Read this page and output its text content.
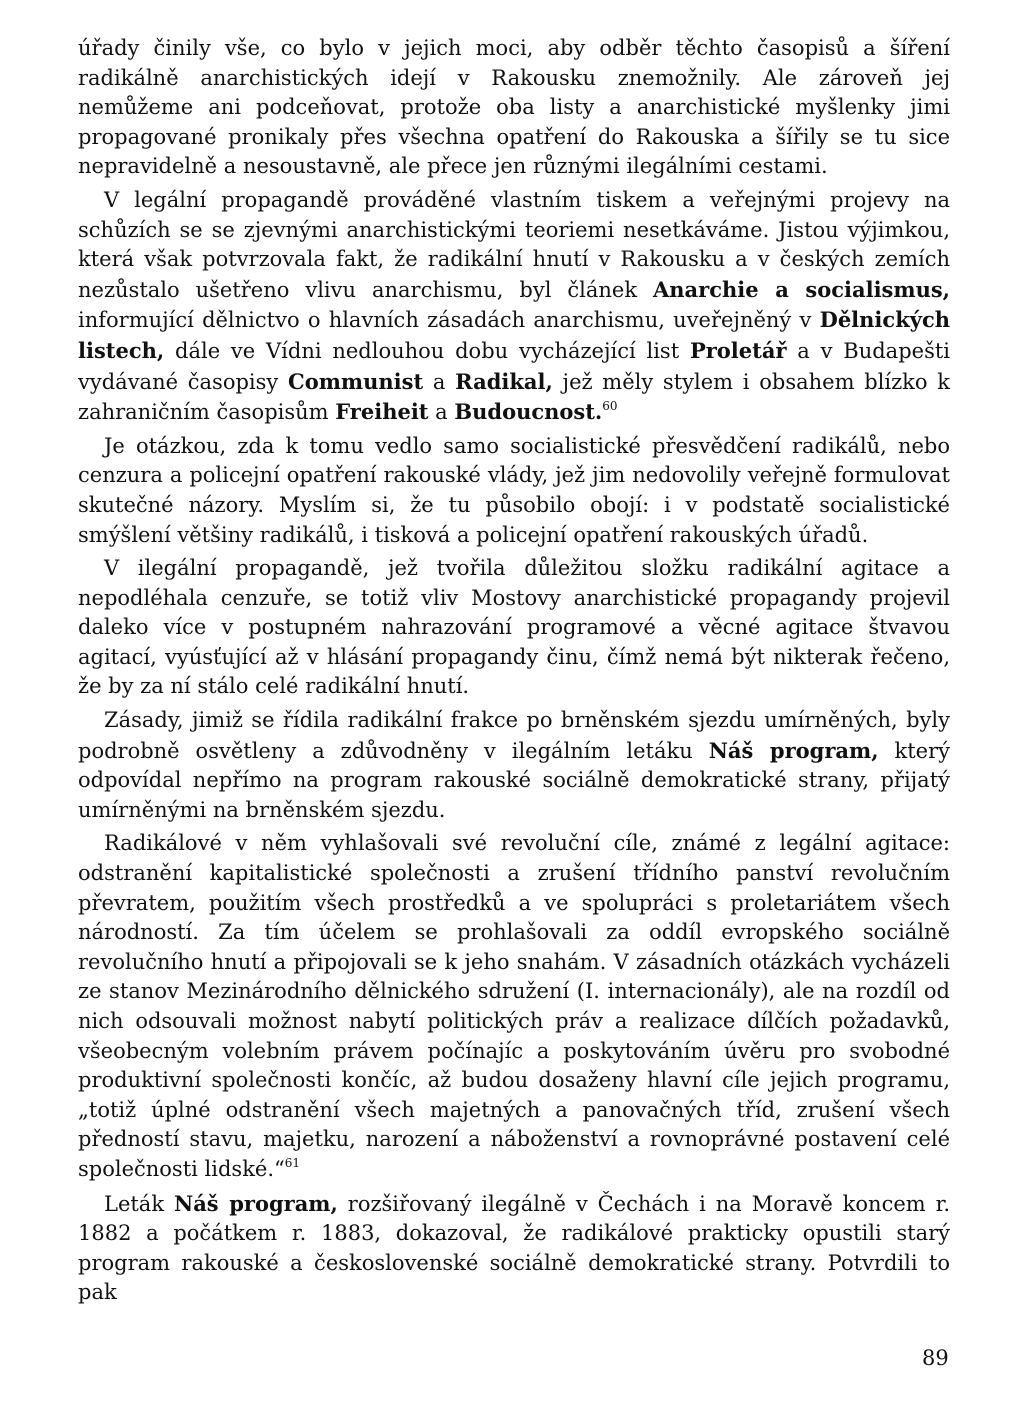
úřady činily vše, co bylo v jejich moci, aby odběr těchto časopisů a šíření radikálně anarchistických idejí v Rakousku znemožnily. Ale zároveň jej nemůžeme ani podceňovat, protože oba listy a anarchistické myšlenky jimi propagované pronikaly přes všechna opatření do Rakouska a šířily se tu sice nepravidelně a nesoustavně, ale přece jen různými ilegálními cestami.

V legální propagandě prováděné vlastním tiskem a veřejnými projevy na schůzích se se zjevnými anarchistickými teoriemi nesetkáváme. Jistou výjimkou, která však potvrzovala fakt, že radikální hnutí v Rakousku a v českých zemích nezůstalo ušetřeno vlivu anarchismu, byl článek Anarchie a socialismus, informující dělnictvo o hlavních zásadách anarchismu, uveřejněný v Dělnických listech, dále ve Vídni nedlouhou dobu vycházející list Proletář a v Budapešti vydávané časopisy Communist a Radikal, jež měly stylem i obsahem blízko k zahraničním časopisům Freiheit a Budoucnost.$^{60}$

Je otázkou, zda k tomu vedlo samo socialistické přesvědčení radikálů, nebo cenzura a policejní opatření rakouské vlády, jež jim nedovolily veřejně formulovat skutečné názory. Myslím si, že tu působilo obojí: i v podstatě socialistické smýšlení většiny radikálů, i tisková a policejní opatření rakouských úřadů.

V ilegální propagandě, jež tvořila důležitou složku radikální agitace a nepodléhala cenzuře, se totiž vliv Mostovy anarchistické propagandy projevil daleko více v postupném nahrazování programové a věcné agitace štvavou agitací, vyúsťující až v hlásání propagandy činu, čímž nemá být nikterak řečeno, že by za ní stálo celé radikální hnutí.

Zásady, jimiž se řídila radikální frakce po brněnském sjezdu umírněných, byly podrobně osvětleny a zdůvodněny v ilegálním letáku Náš program, který odpovídal nepřímo na program rakouské sociálně demokratické strany, přijatý umírněnými na brněnském sjezdu.

Radikálové v něm vyhlašovali své revoluční cíle, známé z legální agitace: odstranění kapitalistické společnosti a zrušení třídního panství revolučním převratem, použitím všech prostředků a ve spolupráci s proletariátem všech národností. Za tím účelem se prohlašovali za oddíl evropského sociálně revolučního hnutí a připojovali se k jeho snahám. V zásadních otázkách vycházeli ze stanov Mezinárodního dělnického sdružení (I. internacionály), ale na rozdíl od nich odsouvali možnost nabytí politických práv a realizace dílčích požadavků, všeobecným volebním právem počínajíc a poskytováním úvěru pro svobodné produktivní společnosti končíc, až budou dosaženy hlavní cíle jejich programu, „totiž úplné odstranění všech majetných a panovačných tříd, zrušení všech předností stavu, majetku, narození a náboženství a rovnoprávné postavení celé společnosti lidské.“$^{61}$

Leták Náš program, rozšiřovaný ilegálně v Čechách i na Moravě koncem r. 1882 a počátkem r. 1883, dokazoval, že radikálové prakticky opustili starý program rakouské a československé sociálně demokratické strany. Potvrdili to pak

89
